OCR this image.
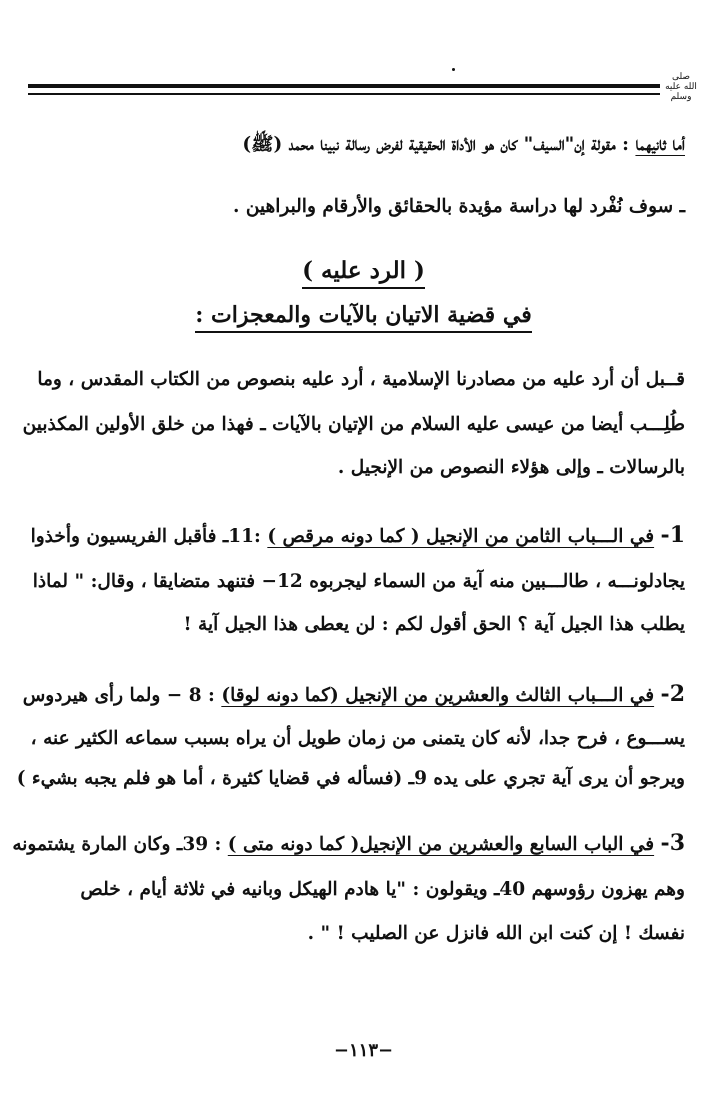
صلى الله عليه وسلم
أما ثانيهما : مقولة إن"السيف" كان هو الأداة الحقيقية لفرض رسالة نبينا محمد (ﷺ)
ـ سوف نُفْرد لها دراسة مؤيدة بالحقائق والأرقام والبراهين .
( الرد عليه )
في قضية الاتيان بالآيات والمعجزات :
قــبل أن أرد عليه من مصادرنا الإسلامية ، أرد عليه بنصوص من الكتاب المقدس ، وما
طُلِـــب أيضا من عيسى عليه السلام من الإتيان بالآيات ـ فهذا من خلق الأولين المكذبين
بالرسالات ـ وإلى هؤلاء النصوص من الإنجيل .
1- في الـــباب الثامن من الإنجيل ( كما دونه مرقص ) :11ـ فأقبل الفريسيون وأخذوا
يجادلونـــه ، طالـــبين منه آية من السماء ليجربوه 12− فتنهد متضايقا ، وقال: " لماذا
يطلب هذا الجيل آية ؟ الحق أقول لكم : لن يعطى هذا الجيل آية !
2- في الـــباب الثالث والعشرين من الإنجيل (كما دونه لوقا) : 8 − ولما رأى هيردوس
يســـوع ، فرح جدا، لأنه كان يتمنى من زمان طويل أن يراه بسبب سماعه الكثير عنه ،
ويرجو أن يرى آية تجري على يده 9ـ (فسأله في قضايا كثيرة ، أما هو فلم يجبه بشيء )
3- في الباب السابع والعشرين من الإنجيل( كما دونه متى ) : 39ـ وكان المارة يشتمونه
وهم يهزون رؤوسهم 40ـ ويقولون : "يا هادم الهيكل وبانيه في ثلاثة أيام ، خلص
نفسك ! إن كنت ابن الله فانزل عن الصليب ! " .
−١١٣−
